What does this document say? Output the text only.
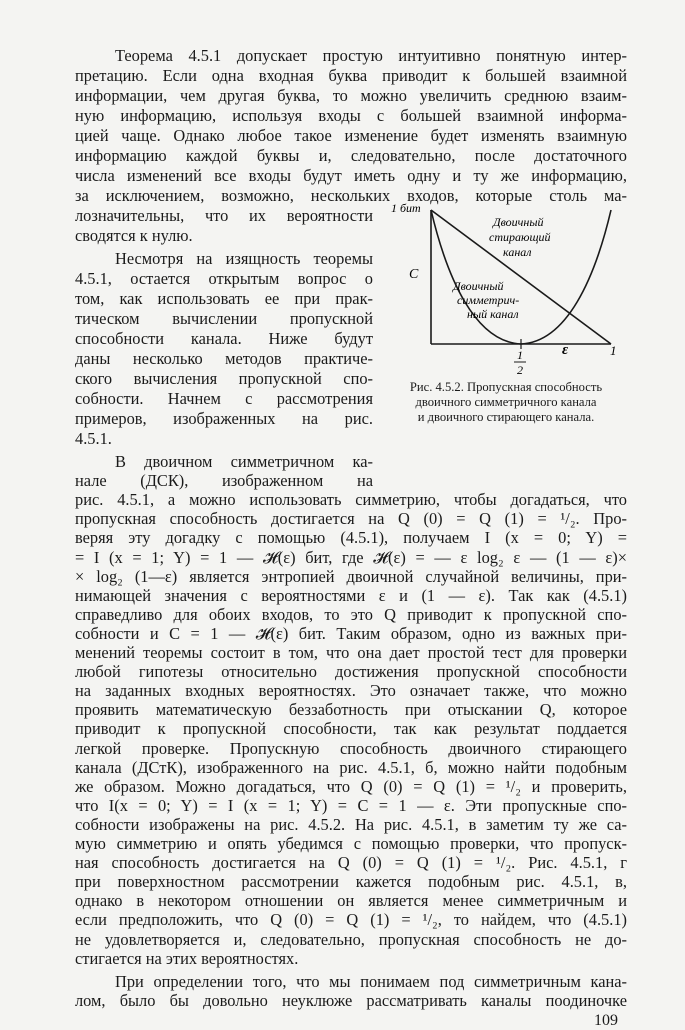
Теорема 4.5.1 допускает простую интуитивно понятную интер-
претацию. Если одна входная буква приводит к большей взаимной
информации, чем другая буква, то можно увеличить среднюю взаим-
ную информацию, используя входы с большей взаимной информа-
цией чаще. Однако любое такое изменение будет изменять взаимную
информацию каждой буквы и, следовательно, после достаточного
числа изменений все входы будут иметь одну и ту же информацию,
за исключением, возможно, нескольких входов, которые столь ма-
лозначительны, что их вероятности
сводятся к нулю.
Несмотря на изящность теоремы
4.5.1, остается открытым вопрос о
том, как использовать ее при прак-
тическом вычислении пропускной
способности канала. Ниже будут
даны несколько методов практиче-
ского вычисления пропускной спо-
собности. Начнем с рассмотрения
примеров, изображенных на рис.
4.5.1.
В двоичном симметричном ка-
нале (ДСК), изображенном на
рис. 4.5.1, а можно использовать симметрию, чтобы догадаться, что
пропускная способность достигается на Q (0) = Q (1) = ¹/₂. Про-
веряя эту догадку с помощью (4.5.1), получаем I (x = 0; Y) =
= I (x = 1; Y) = 1 — 𝓗(ε) бит, где 𝓗(ε) = — ε log₂ ε — (1 — ε)×
× log₂ (1—ε) является энтропией двоичной случайной величины, при-
нимающей значения с вероятностями ε и (1 — ε). Так как (4.5.1)
справедливо для обоих входов, то это Q приводит к пропускной спо-
собности и C = 1 — 𝓗(ε) бит. Таким образом, одно из важных при-
менений теоремы состоит в том, что она дает простой тест для проверки
любой гипотезы относительно достижения пропускной способности
на заданных входных вероятностях. Это означает также, что можно
проявить математическую беззаботность при отыскании Q, которое
приводит к пропускной способности, так как результат поддается
легкой проверке. Пропускную способность двоичного стирающего
канала (ДСтК), изображенного на рис. 4.5.1, б, можно найти подобным
же образом. Можно догадаться, что Q (0) = Q (1) = ¹/₂ и проверить,
что I(x = 0; Y) = I (x = 1; Y) = C = 1 — ε. Эти пропускные спо-
собности изображены на рис. 4.5.2. На рис. 4.5.1, в заметим ту же са-
мую симметрию и опять убедимся с помощью проверки, что пропуск-
ная способность достигается на Q (0) = Q (1) = ¹/₂. Рис. 4.5.1, г
при поверхностном рассмотрении кажется подобным рис. 4.5.1, в,
однако в некотором отношении он является менее симметричным и
если предположить, что Q (0) = Q (1) = ¹/₂, то найдем, что (4.5.1)
не удовлетворяется и, следовательно, пропускная способность не до-
стигается на этих вероятностях.
1 бит
C
1
2
ε	1
Двоичный стирающий канал
Двоичный симметрич- ный канал
Рис. 4.5.2. Пропускная способность
двоичного симметричного канала
и двоичного стирающего канала.
При определении того, что мы понимаем под симметричным кана-
лом, было бы довольно неуклюже рассматривать каналы поодиночке
109
